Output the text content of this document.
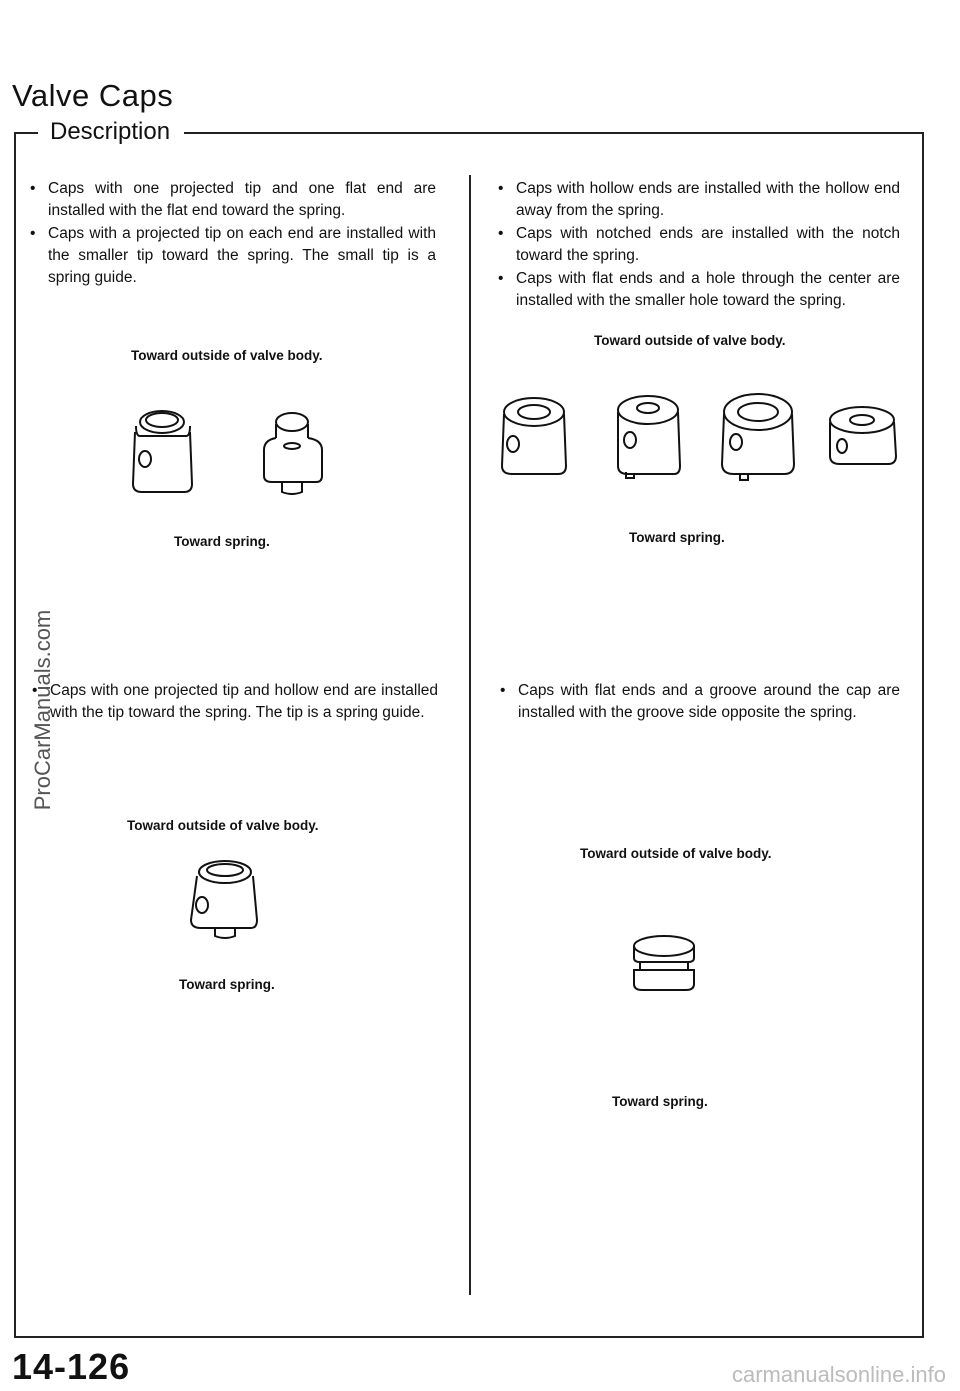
Valve Caps
Description
• Caps with one projected tip and one flat end are installed with the flat end toward the spring.
• Caps with a projected tip on each end are installed with the smaller tip toward the spring. The small tip is a spring guide.
Toward outside of valve body.
Toward spring.
• Caps with one projected tip and hollow end are installed with the tip toward the spring. The tip is a spring guide.
Toward outside of valve body.
Toward spring.
• Caps with hollow ends are installed with the hollow end away from the spring.
• Caps with notched ends are installed with the notch toward the spring.
• Caps with flat ends and a hole through the center are installed with the smaller hole toward the spring.
Toward outside of valve body.
Toward spring.
• Caps with flat ends and a groove around the cap are installed with the groove side opposite the spring.
Toward outside of valve body.
Toward spring.
14-126
ProCarManuals.com
carmanualsonline.info
